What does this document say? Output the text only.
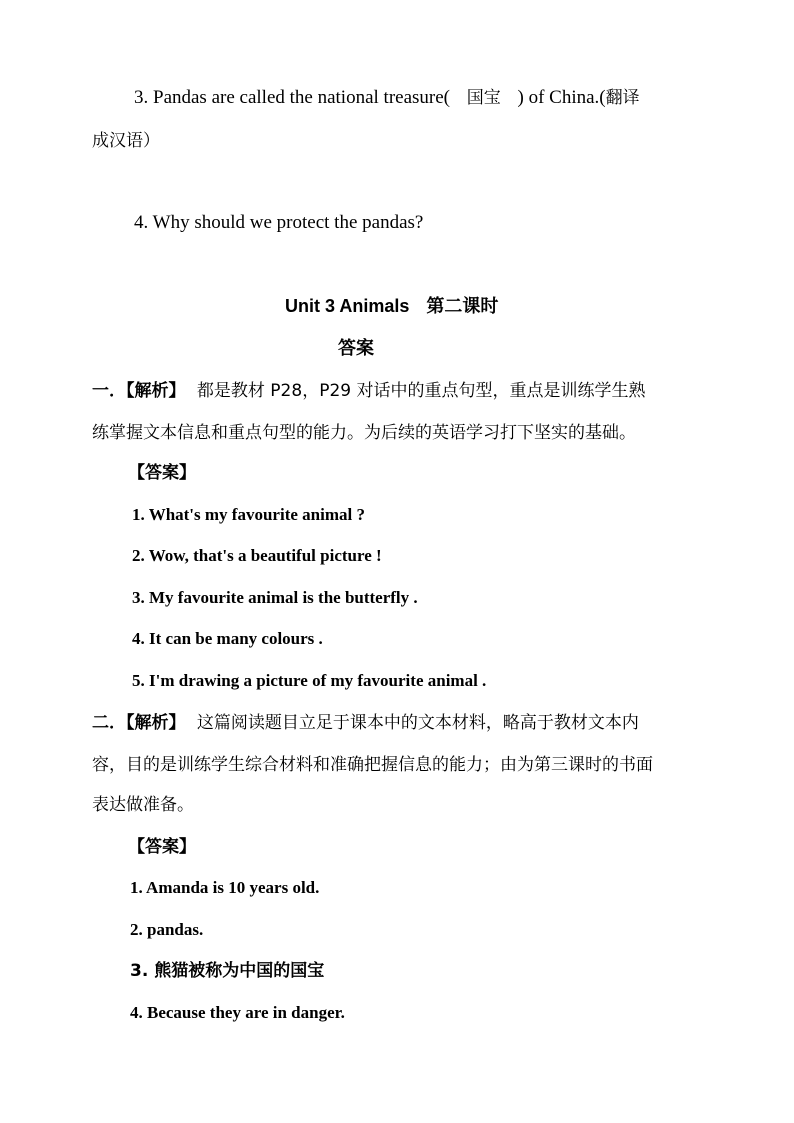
3. Pandas are called the national treasure( 国宝 ) of China.(翻译
成汉语）
4. Why should we protect the pandas?
Unit 3 Animals 第二课时
答案
一．【解析】 都是教材 P28，P29 对话中的重点句型，重点是训练学生熟
练掌握文本信息和重点句型的能力。为后续的英语学习打下坚实的基础。
【答案】
1. What's my favourite animal ?
2. Wow, that's a beautiful picture !
3. My favourite animal is the butterfly .
4. It can be many colours .
5. I'm drawing a picture of my favourite animal .
二．【解析】 这篇阅读题目立足于课本中的文本材料，略高于教材文本内
容，目的是训练学生综合材料和准确把握信息的能力；由为第三课时的书面
表达做准备。
【答案】
1. Amanda is 10 years old.
2. pandas.
3. 熊猫被称为中国的国宝
4. Because they are in danger.
